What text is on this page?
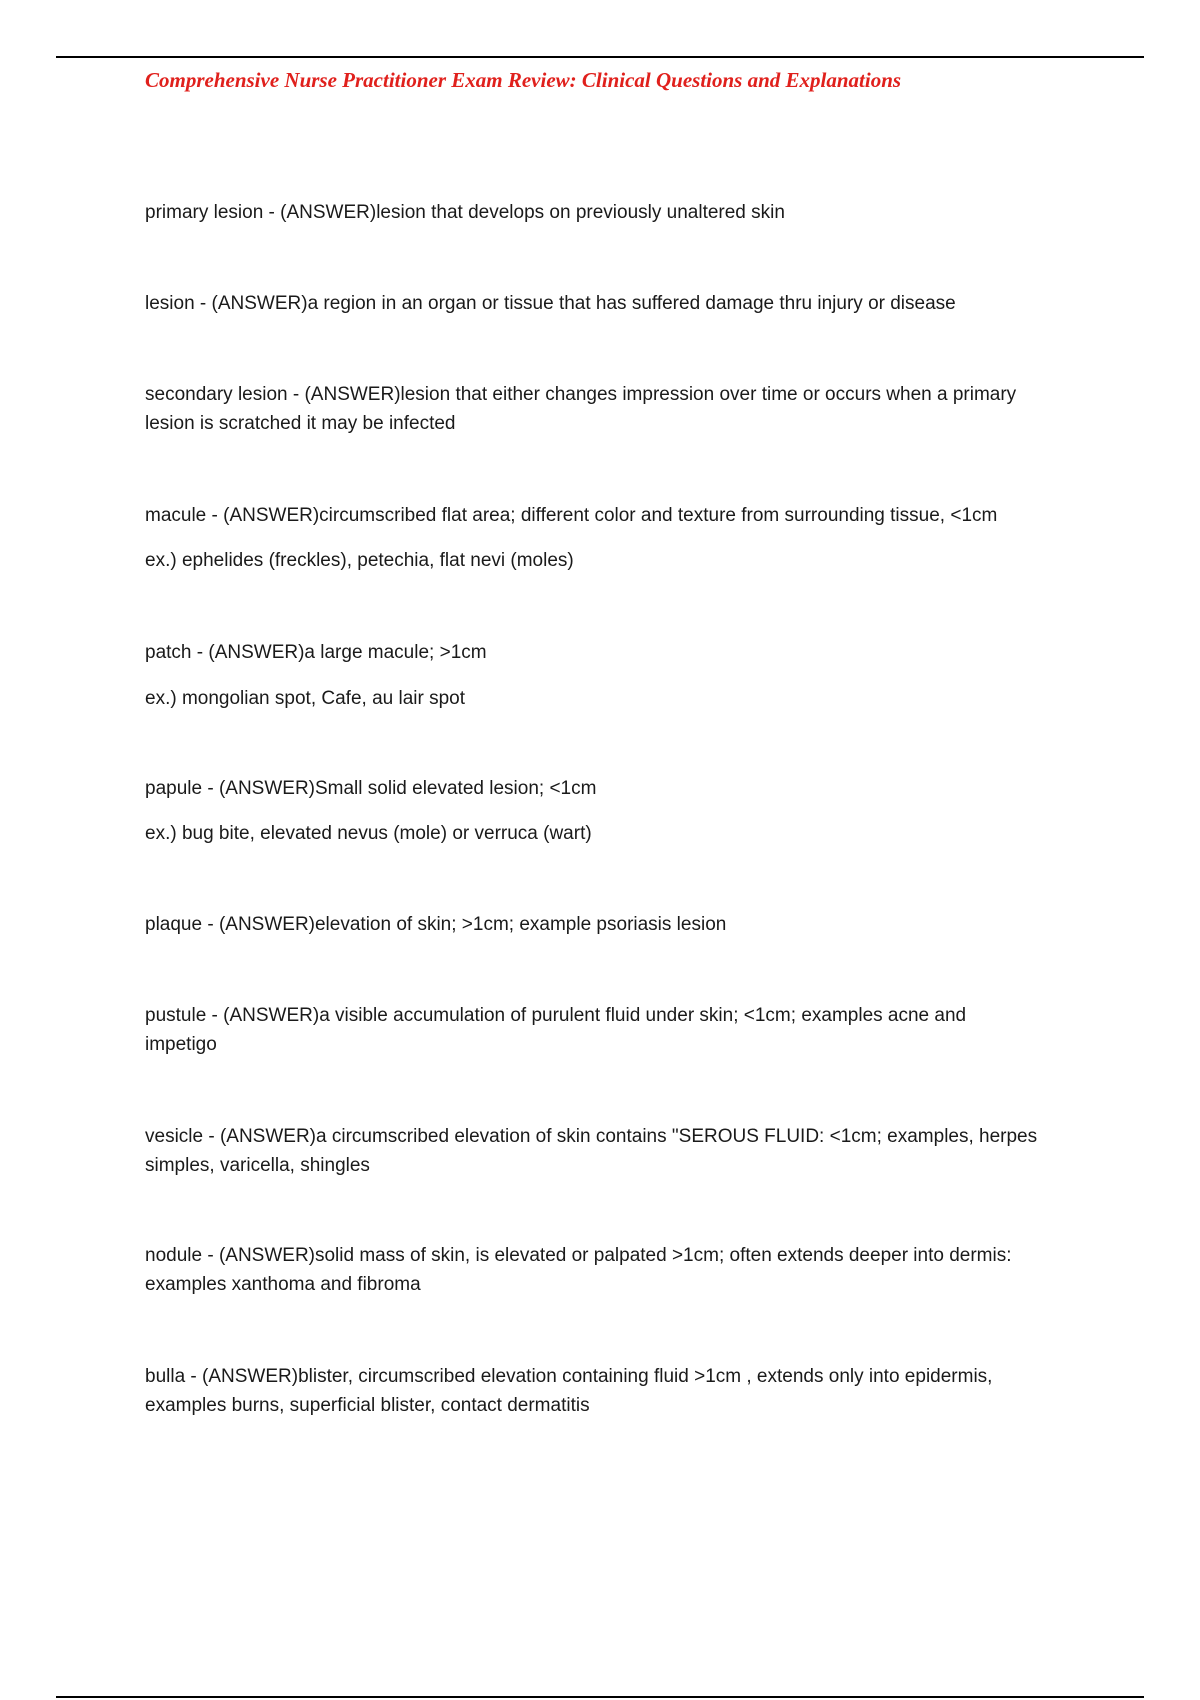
Comprehensive Nurse Practitioner Exam Review: Clinical Questions and Explanations

primary lesion - (ANSWER)lesion that develops on previously unaltered skin

lesion - (ANSWER)a region in an organ or tissue that has suffered damage thru injury or disease

secondary lesion - (ANSWER)lesion that either changes impression over time or occurs when a primary
lesion is scratched it may be infected

macule - (ANSWER)circumscribed flat area; different color and texture from surrounding tissue, <1cm

ex.) ephelides (freckles), petechia, flat nevi (moles)

patch - (ANSWER)a large macule; >1cm

ex.) mongolian spot, Cafe, au lair spot

papule - (ANSWER)Small solid elevated lesion; <1cm

ex.) bug bite, elevated nevus (mole) or verruca (wart)

plaque - (ANSWER)elevation of skin; >1cm; example psoriasis lesion

pustule - (ANSWER)a visible accumulation of purulent fluid under skin; <1cm; examples acne and
impetigo

vesicle - (ANSWER)a circumscribed elevation of skin contains "SEROUS FLUID: <1cm; examples, herpes
simples, varicella, shingles

nodule - (ANSWER)solid mass of skin, is elevated or palpated >1cm; often extends deeper into dermis:
examples xanthoma and fibroma

bulla - (ANSWER)blister, circumscribed elevation containing fluid >1cm , extends only into epidermis,
examples burns, superficial blister, contact dermatitis
